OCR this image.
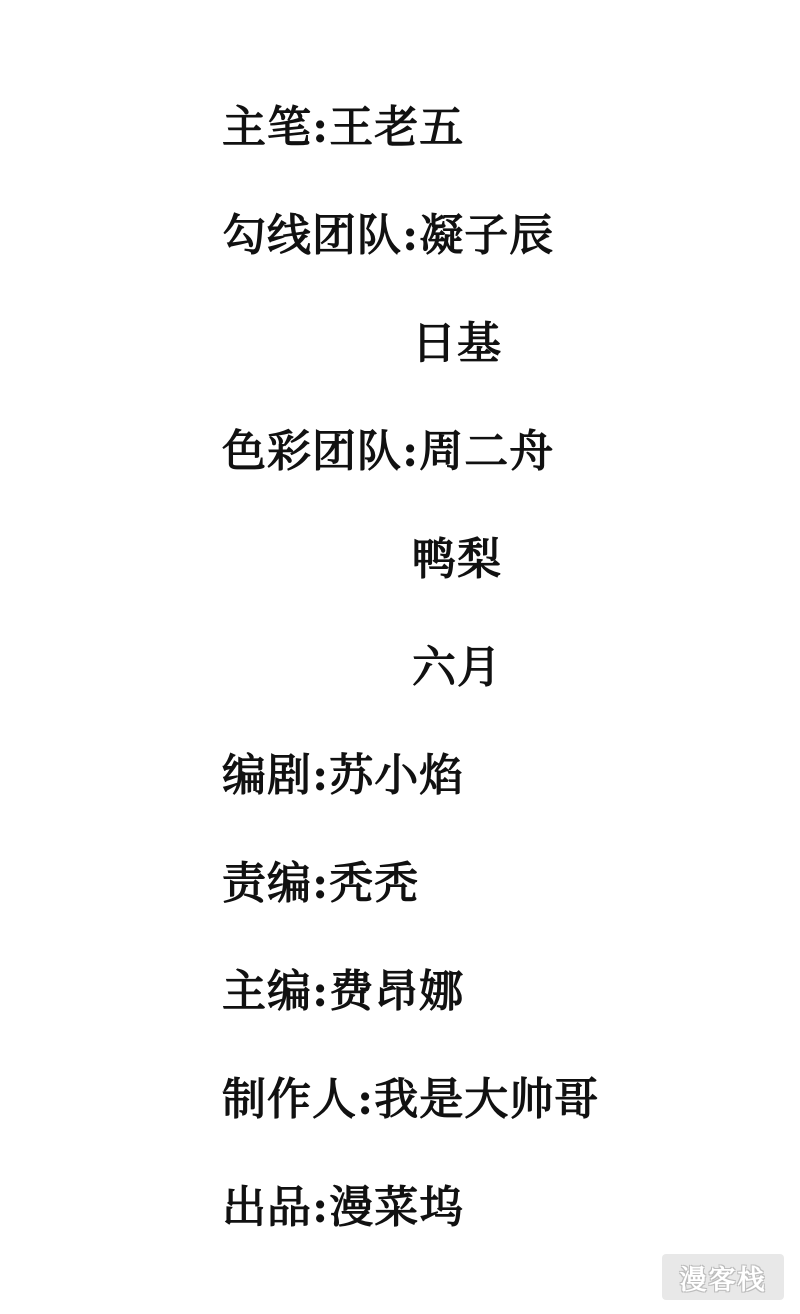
主笔:王老五
勾线团队:凝子辰
日基
色彩团队:周二舟
鸭梨
六月
编剧:苏小焰
责编:秃秃
主编:费昂娜
制作人:我是大帅哥
出品:漫菜坞
漫客栈
